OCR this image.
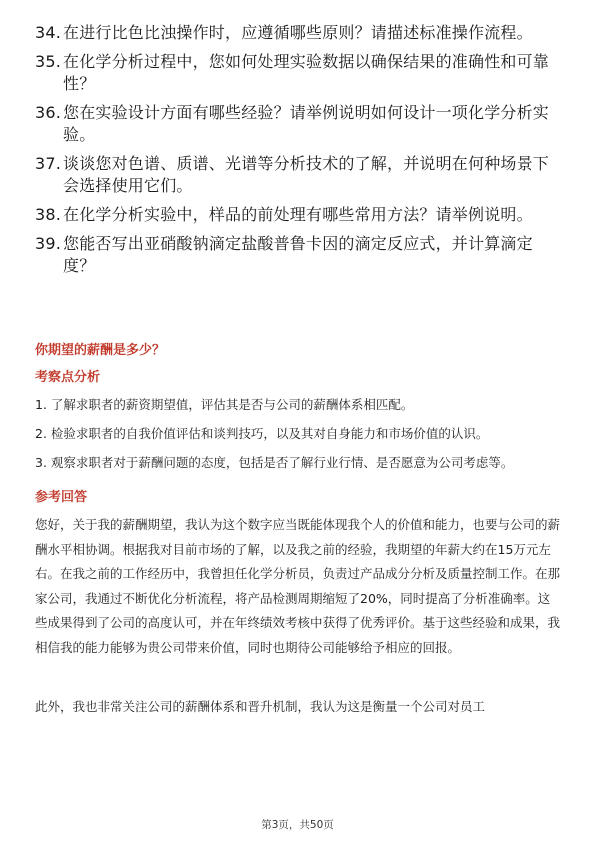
34. 在进行比色比浊操作时，应遵循哪些原则？请描述标准操作流程。
35. 在化学分析过程中，您如何处理实验数据以确保结果的准确性和可靠性？
36. 您在实验设计方面有哪些经验？请举例说明如何设计一项化学分析实验。
37. 谈谈您对色谱、质谱、光谱等分析技术的了解，并说明在何种场景下会选择使用它们。
38. 在化学分析实验中，样品的前处理有哪些常用方法？请举例说明。
39. 您能否写出亚硝酸钠滴定盐酸普鲁卡因的滴定反应式，并计算滴定度？
你期望的薪酬是多少？
考察点分析
1. 了解求职者的薪资期望值，评估其是否与公司的薪酬体系相匹配。
2. 检验求职者的自我价值评估和谈判技巧，以及其对自身能力和市场价值的认识。
3. 观察求职者对于薪酬问题的态度，包括是否了解行业行情、是否愿意为公司考虑等。
参考回答
您好，关于我的薪酬期望，我认为这个数字应当既能体现我个人的价值和能力，也要与公司的薪酬水平相协调。根据我对目前市场的了解，以及我之前的经验，我期望的年薪大约在15万元左右。在我之前的工作经历中，我曾担任化学分析员，负责过产品成分分析及质量控制工作。在那家公司，我通过不断优化分析流程，将产品检测周期缩短了20%，同时提高了分析准确率。这些成果得到了公司的高度认可，并在年终绩效考核中获得了优秀评价。基于这些经验和成果，我相信我的能力能够为贵公司带来价值，同时也期待公司能够给予相应的回报。
此外，我也非常关注公司的薪酬体系和晋升机制，我认为这是衡量一个公司对员工
第3页，共50页
